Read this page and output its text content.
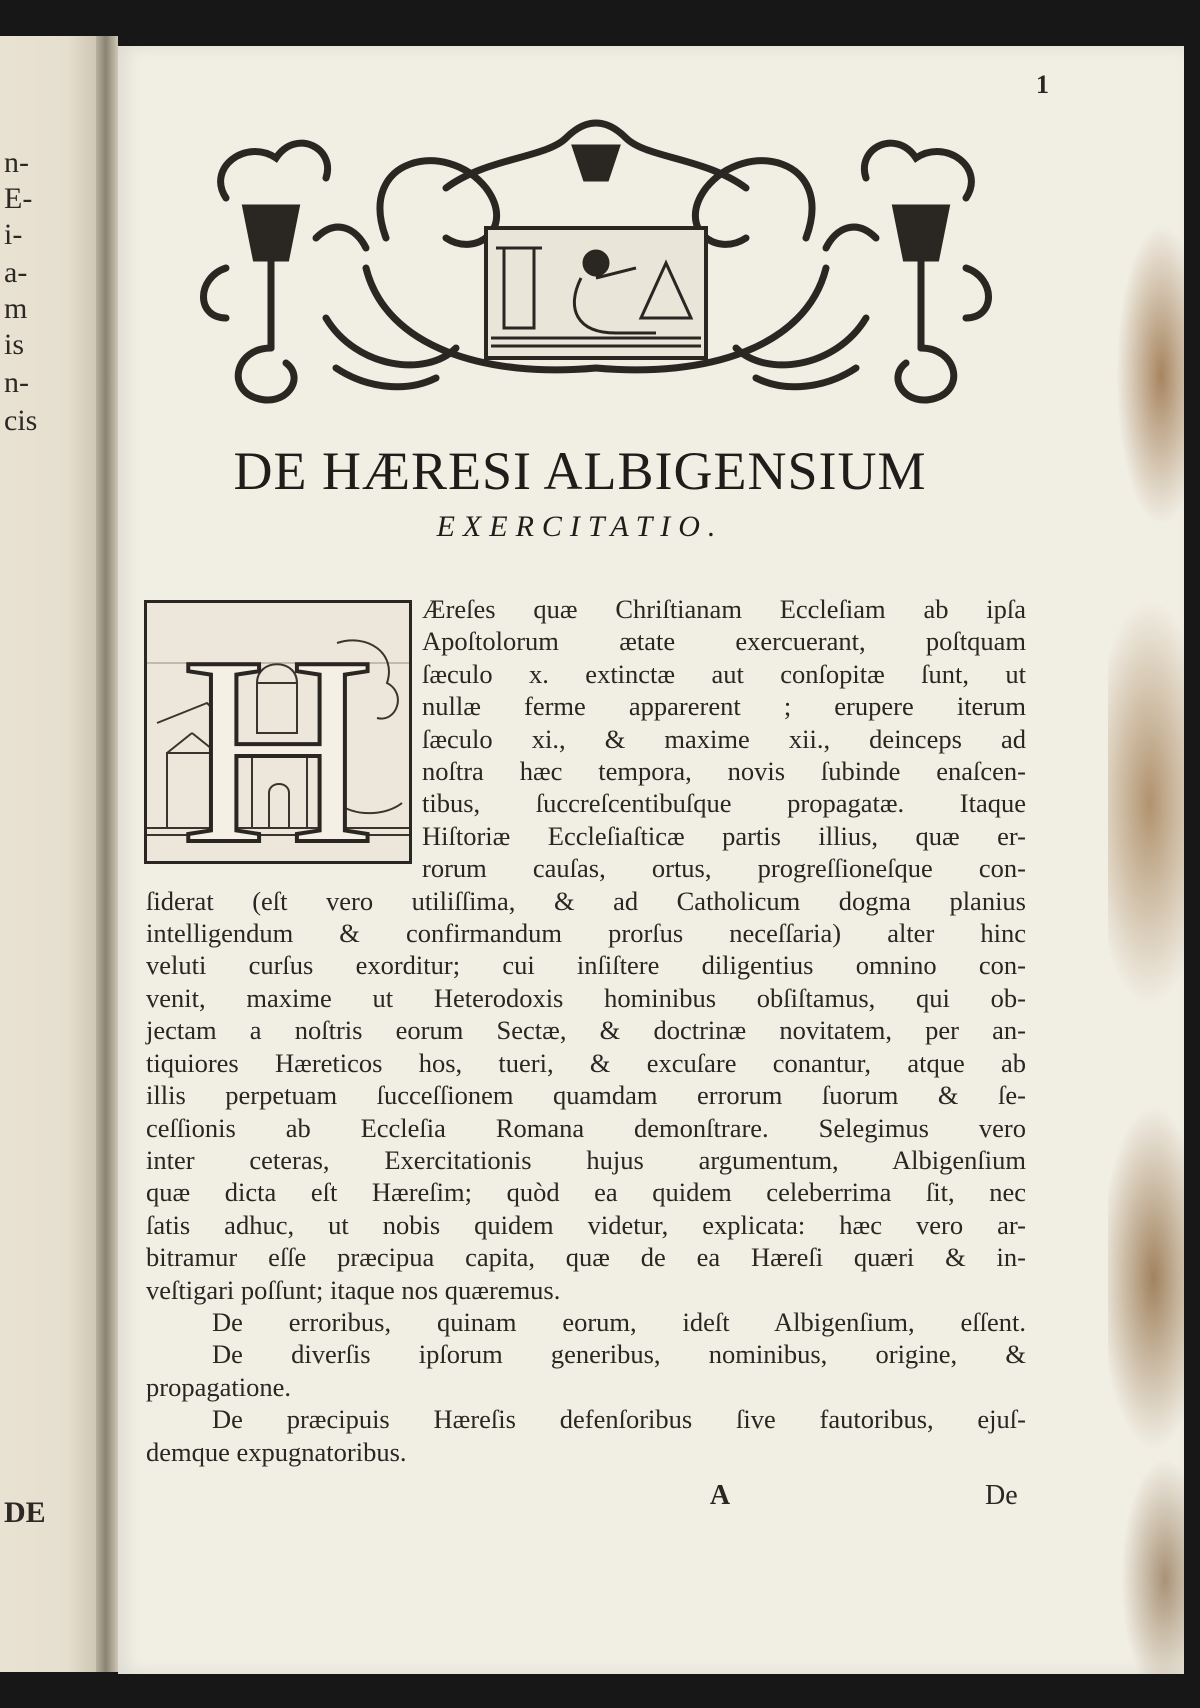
n-
E-
i-
a-
m
is
n-
cis
DE
1
DE HÆRESI ALBIGENSIUM
EXERCITATIO.
H	Æreſes quæ Chriſtianam Eccleſiam ab ipſa
Apoſtolorum ætate exercuerant, poſtquam
ſæculo x. extinctæ aut conſopitæ ſunt, ut
nullæ ferme apparerent ; erupere iterum
ſæculo xi., & maxime xii., deinceps ad
noſtra hæc tempora, novis ſubinde enaſcen-
tibus, ſuccreſcentibuſque propagatæ. Itaque
Hiſtoriæ Eccleſiaſticæ partis illius, quæ er-
rorum cauſas, ortus, progreſſioneſque con-
ſiderat (eſt vero utiliſſima, & ad Catholicum dogma planius
intelligendum & confirmandum prorſus neceſſaria) alter hinc
veluti curſus exorditur; cui inſiſtere diligentius omnino con-
venit, maxime ut Heterodoxis hominibus obſiſtamus, qui ob-
jectam a noſtris eorum Sectæ, & doctrinæ novitatem, per an-
tiquiores Hæreticos hos, tueri, & excuſare conantur, atque ab
illis perpetuam ſucceſſionem quamdam errorum ſuorum & ſe-
ceſſionis ab Eccleſia Romana demonſtrare. Selegimus vero
inter ceteras, Exercitationis hujus argumentum, Albigenſium
quæ dicta eſt Hæreſim; quòd ea quidem celeberrima ſit, nec
ſatis adhuc, ut nobis quidem videtur, explicata: hæc vero ar-
bitramur eſſe præcipua capita, quæ de ea Hæreſi quæri & in-
veſtigari poſſunt; itaque nos quæremus.
De erroribus, quinam eorum, ideſt Albigenſium, eſſent.
De diverſis ipſorum generibus, nominibus, origine, &
propagatione.
De præcipuis Hæreſis defenſoribus ſive fautoribus, ejuſ-
demque expugnatoribus.
A	De
